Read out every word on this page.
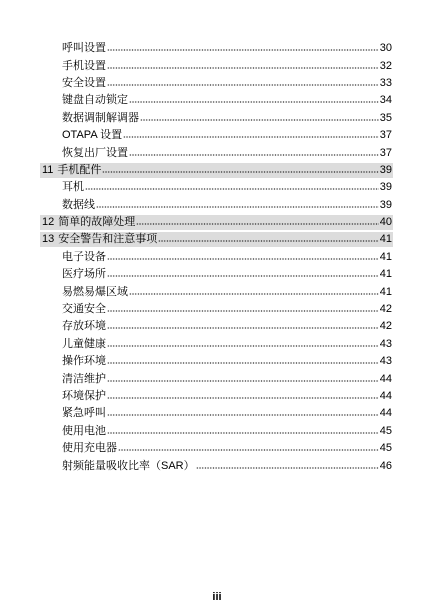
呼叫设置	30
手机设置	32
安全设置	33
键盘自动锁定	34
数据调制解调器	35
OTAPA 设置	37
恢复出厂设置	37
11 手机配件	39
耳机	39
数据线	39
12 简单的故障处理	40
13 安全警告和注意事项	41
电子设备	41
医疗场所	41
易燃易爆区域	41
交通安全	42
存放环境	42
儿童健康	43
操作环境	43
清洁维护	44
环境保护	44
紧急呼叫	44
使用电池	45
使用充电器	45
射频能量吸收比率（SAR）	46
iii
